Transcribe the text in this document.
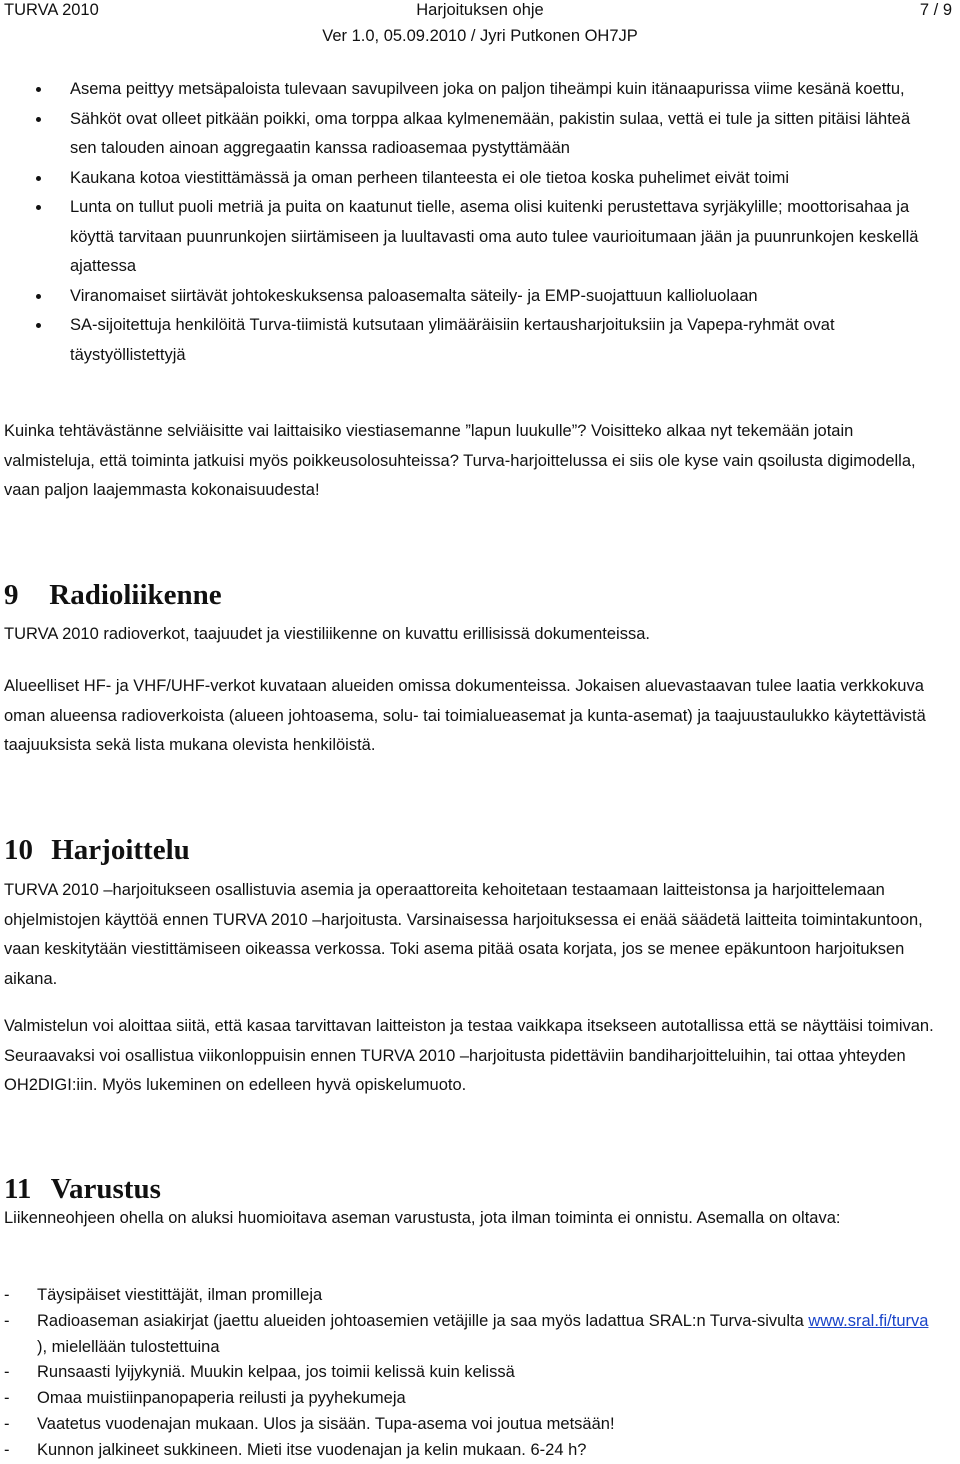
TURVA 2010	Harjoituksen ohje
Ver 1.0, 05.09.2010 / Jyri Putkonen OH7JP
7 / 9
Asema peittyy metsäpaloista tulevaan savupilveen joka on paljon tiheämpi kuin itänaapurissa viime kesänä koettu,
Sähköt ovat olleet pitkään poikki, oma torppa alkaa kylmenemään, pakistin sulaa, vettä ei tule ja sitten pitäisi lähteä sen talouden ainoan aggregaatin kanssa radioasemaa pystyttämään
Kaukana kotoa viestittämässä ja oman perheen tilanteesta ei ole tietoa koska puhelimet eivät toimi
Lunta on tullut puoli metriä ja puita on kaatunut tielle, asema olisi kuitenki perustettava syrjäkylille; moottorisahaa ja köyttä tarvitaan puunrunkojen siirtämiseen ja luultavasti oma auto tulee vaurioitumaan jään ja puunrunkojen keskellä ajattessa
Viranomaiset siirtävät johtokeskuksensa paloasemalta säteily- ja EMP-suojattuun kallioluolaan
SA-sijoitettuja henkilöitä Turva-tiimistä kutsutaan ylimääräisiin kertausharjoituksiin ja Vapepa-ryhmät ovat täystyöllistettyjä

Kuinka tehtävästänne selviäisitte vai laittaisiko viestiasemanne ”lapun luukulle”? Voisitteko alkaa nyt tekemään jotain valmisteluja, että toiminta jatkuisi myös poikkeusolosuhteissa? Turva-harjoittelussa ei siis ole kyse vain qsoilusta digimodella, vaan paljon laajemmasta kokonaisuudesta!

9 Radioliikenne

TURVA 2010 radioverkot, taajuudet ja viestiliikenne on kuvattu erillisissä dokumenteissa.

Alueelliset HF- ja VHF/UHF-verkot kuvataan alueiden omissa dokumenteissa. Jokaisen aluevastaavan tulee laatia verkkokuva oman alueensa radioverkoista (alueen johtoasema, solu- tai toimialueasemat ja kunta-asemat) ja taajuustaulukko käytettävistä taajuuksista sekä lista mukana olevista henkilöistä.

10 Harjoittelu

TURVA 2010 –harjoitukseen osallistuvia asemia ja operaattoreita kehoitetaan testaamaan laitteistonsa ja harjoittelemaan ohjelmistojen käyttöä ennen TURVA 2010 –harjoitusta. Varsinaisessa harjoituksessa ei enää säädetä laitteita toimintakuntoon, vaan keskitytään viestittämiseen oikeassa verkossa. Toki asema pitää osata korjata, jos se menee epäkuntoon harjoituksen aikana.

Valmistelun voi aloittaa siitä, että kasaa tarvittavan laitteiston ja testaa vaikkapa itsekseen autotallissa että se näyttäisi toimivan. Seuraavaksi voi osallistua viikonloppuisin ennen TURVA 2010 –harjoitusta pidettäviin bandiharjoitteluihin, tai ottaa yhteyden OH2DIGI:iin. Myös lukeminen on edelleen hyvä opiskelumuoto.

11 Varustus

Liikenneohjeen ohella on aluksi huomioitava aseman varustusta, jota ilman toiminta ei onnistu. Asemalla on oltava:

- Täysipäiset viestittäjät, ilman promilleja
- Radioaseman asiakirjat (jaettu alueiden johtoasemien vetäjille ja saa myös ladattua SRAL:n Turva-sivulta www.sral.fi/turva ), mielellään tulostettuina
- Runsaasti lyijykyniä. Muukin kelpaa, jos toimii kelissä kuin kelissä
- Omaa muistiinpanopaperia reilusti ja pyyhekumeja
- Vaatetus vuodenajan mukaan. Ulos ja sisään. Tupa-asema voi joutua metsään!
- Kunnon jalkineet sukkineen. Mieti itse vuodenajan ja kelin mukaan. 6-24 h?
